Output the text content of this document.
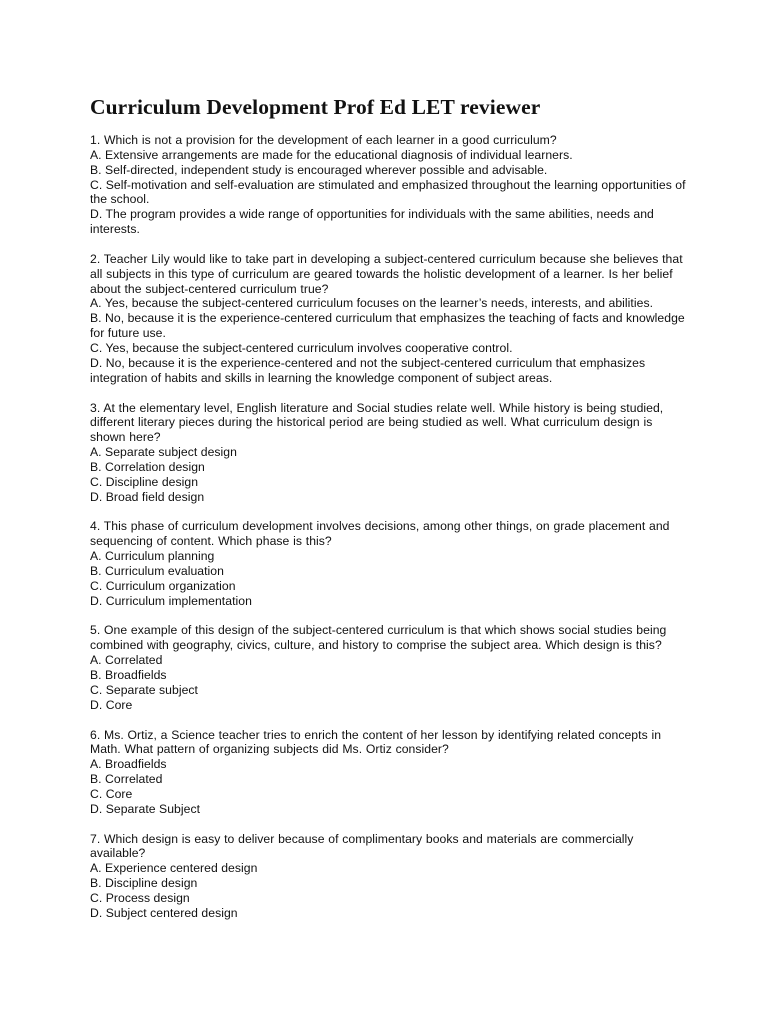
Curriculum Development Prof Ed LET reviewer
1. Which is not a provision for the development of each learner in a good curriculum?
A. Extensive arrangements are made for the educational diagnosis of individual learners.
B. Self-directed, independent study is encouraged wherever possible and advisable.
C. Self-motivation and self-evaluation are stimulated and emphasized throughout the learning opportunities of the school.
D. The program provides a wide range of opportunities for individuals with the same abilities, needs and interests.
2. Teacher Lily would like to take part in developing a subject-centered curriculum because she believes that all subjects in this type of curriculum are geared towards the holistic development of a learner. Is her belief about the subject-centered curriculum true?
A. Yes, because the subject-centered curriculum focuses on the learner’s needs, interests, and abilities.
B. No, because it is the experience-centered curriculum that emphasizes the teaching of facts and knowledge for future use.
C. Yes, because the subject-centered curriculum involves cooperative control.
D. No, because it is the experience-centered and not the subject-centered curriculum that emphasizes integration of habits and skills in learning the knowledge component of subject areas.
3. At the elementary level, English literature and Social studies relate well. While history is being studied, different literary pieces during the historical period are being studied as well. What curriculum design is shown here?
A. Separate subject design
B. Correlation design
C. Discipline design
D. Broad field design
4. This phase of curriculum development involves decisions, among other things, on grade placement and sequencing of content. Which phase is this?
A. Curriculum planning
B. Curriculum evaluation
C. Curriculum organization
D. Curriculum implementation
5. One example of this design of the subject-centered curriculum is that which shows social studies being combined with geography, civics, culture, and history to comprise the subject area. Which design is this?
A. Correlated
B. Broadfields
C. Separate subject
D. Core
6. Ms. Ortiz, a Science teacher tries to enrich the content of her lesson by identifying related concepts in Math. What pattern of organizing subjects did Ms. Ortiz consider?
A. Broadfields
B. Correlated
C. Core
D. Separate Subject
7. Which design is easy to deliver because of complimentary books and materials are commercially available?
A. Experience centered design
B. Discipline design
C. Process design
D. Subject centered design
